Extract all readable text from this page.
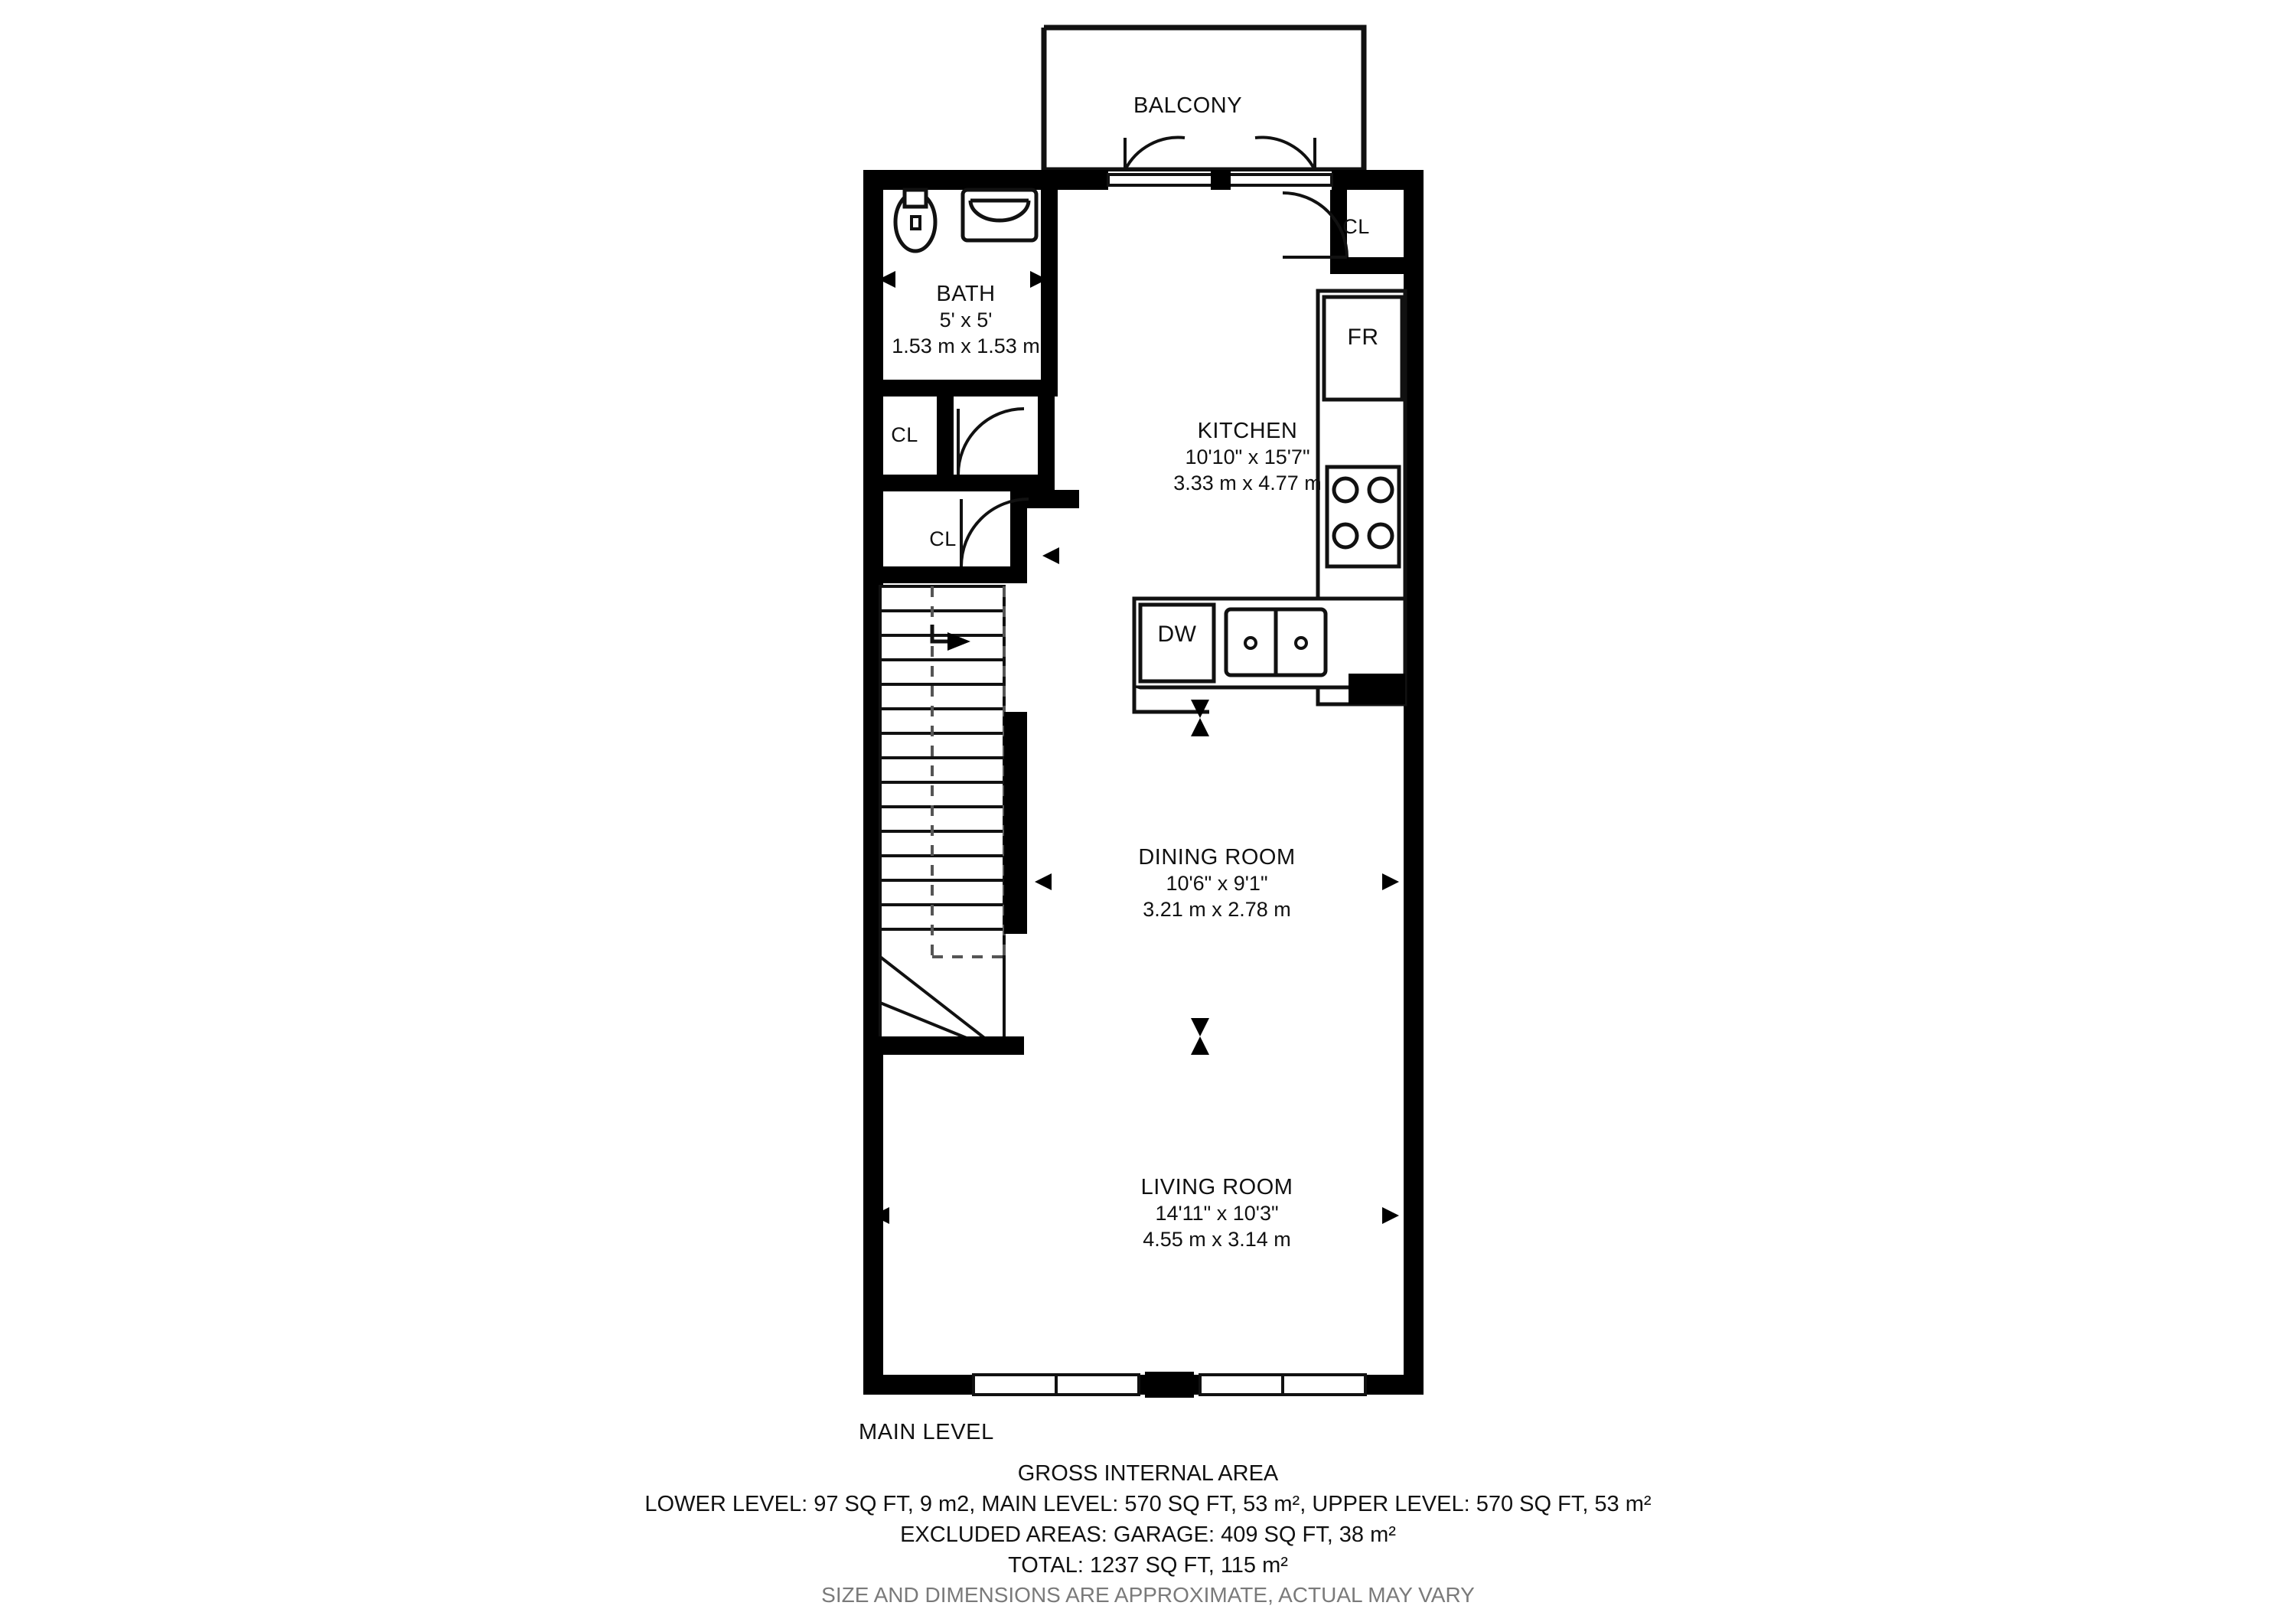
BALCONY
BATH
5' x 5'
1.53 m x 1.53 m
KITCHEN
10'10" x 15'7"
3.33 m x 4.77 m
DINING ROOM
10'6" x 9'1"
3.21 m x 2.78 m
LIVING ROOM
14'11" x 10'3"
4.55 m x 3.14 m
CL
CL
CL
FR
DW
MAIN LEVEL
GROSS INTERNAL AREA
LOWER LEVEL: 97 SQ FT, 9 m2, MAIN LEVEL: 570 SQ FT, 53 m², UPPER LEVEL: 570 SQ FT, 53 m²
EXCLUDED AREAS: GARAGE: 409 SQ FT, 38 m²
TOTAL: 1237 SQ FT, 115 m²
SIZE AND DIMENSIONS ARE APPROXIMATE, ACTUAL MAY VARY
